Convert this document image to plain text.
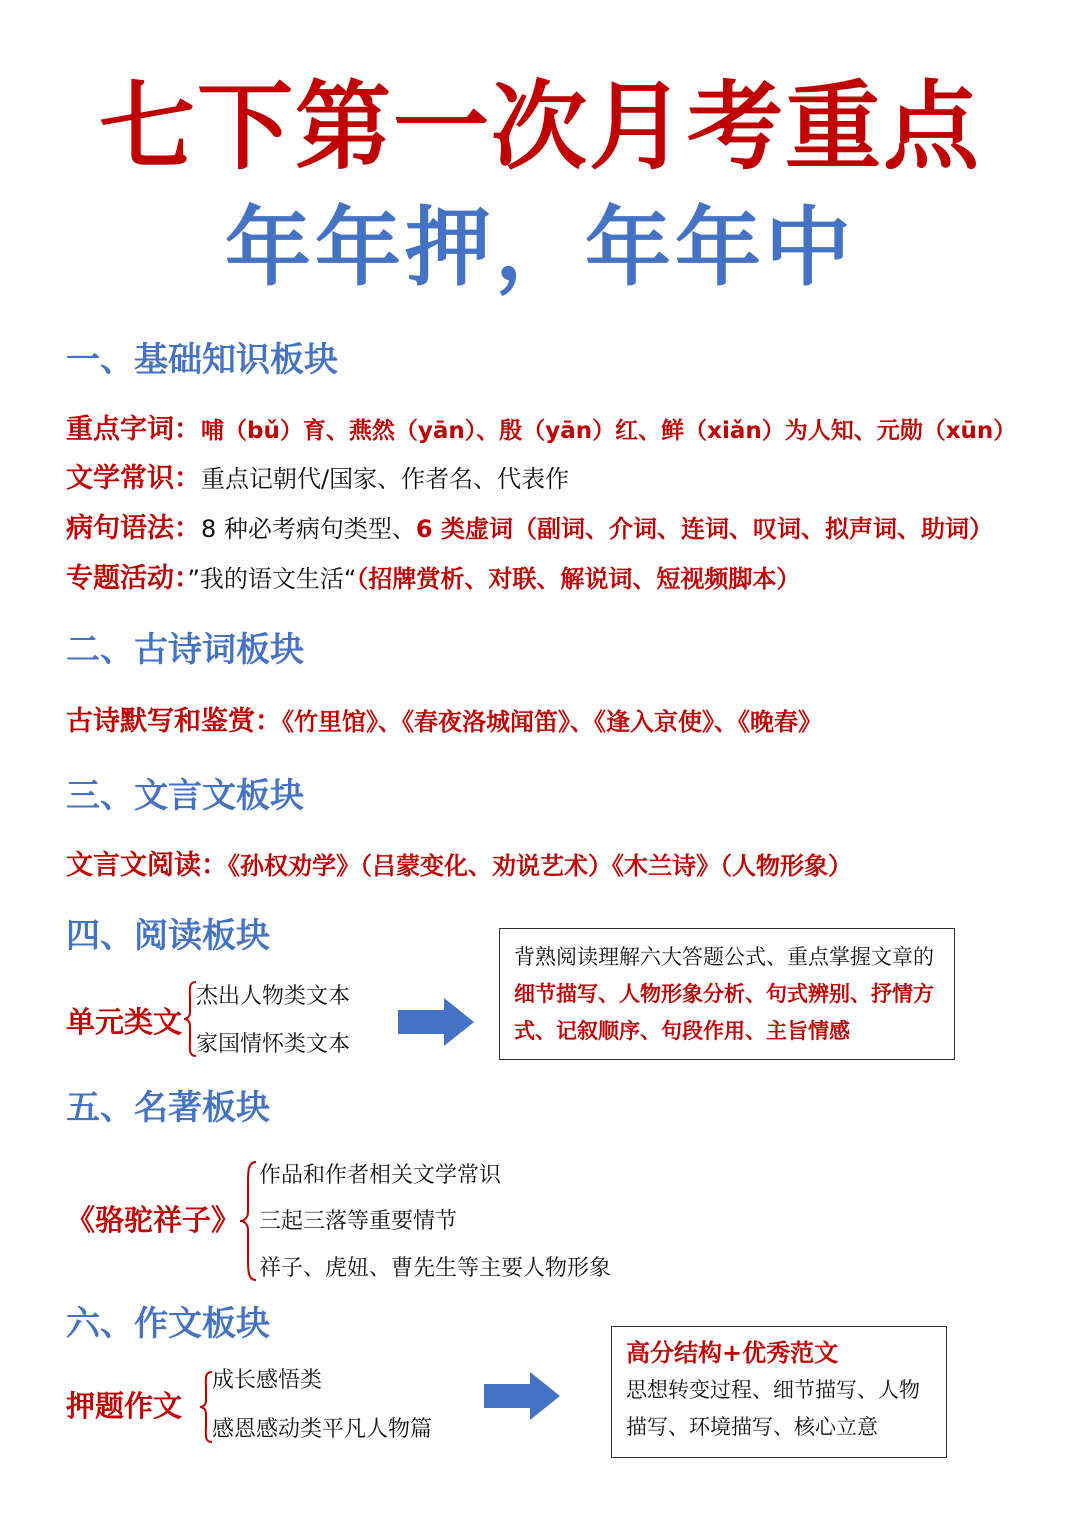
七下第一次月考重点
年年押，年年中
一、基础知识板块
重点字词：哺（bǔ）育、燕然（yān）、殷（yān）红、鲜（xiǎn）为人知、元勋（xūn）
文学常识：重点记朝代/国家、作者名、代表作
病句语法：8 种必考病句类型、6 类虚词（副词、介词、连词、叹词、拟声词、助词）
专题活动：”我的语文生活“（招牌赏析、对联、解说词、短视频脚本）
二、古诗词板块
古诗默写和鉴赏：《竹里馆》、《春夜洛城闻笛》、《逢入京使》、《晚春》
三、文言文板块
文言文阅读：《孙权劝学》（吕蒙变化、劝说艺术）《木兰诗》（人物形象）
四、阅读板块
单元类文
杰出人物类文本
家国情怀类文本
背熟阅读理解六大答题公式、重点掌握文章的
细节描写、人物形象分析、句式辨别、抒情方
式、记叙顺序、句段作用、主旨情感
五、名著板块
《骆驼祥子》
作品和作者相关文学常识
三起三落等重要情节
祥子、虎妞、曹先生等主要人物形象
六、作文板块
押题作文
成长感悟类
感恩感动类平凡人物篇
高分结构+优秀范文
思想转变过程、细节描写、人物
描写、环境描写、核心立意
